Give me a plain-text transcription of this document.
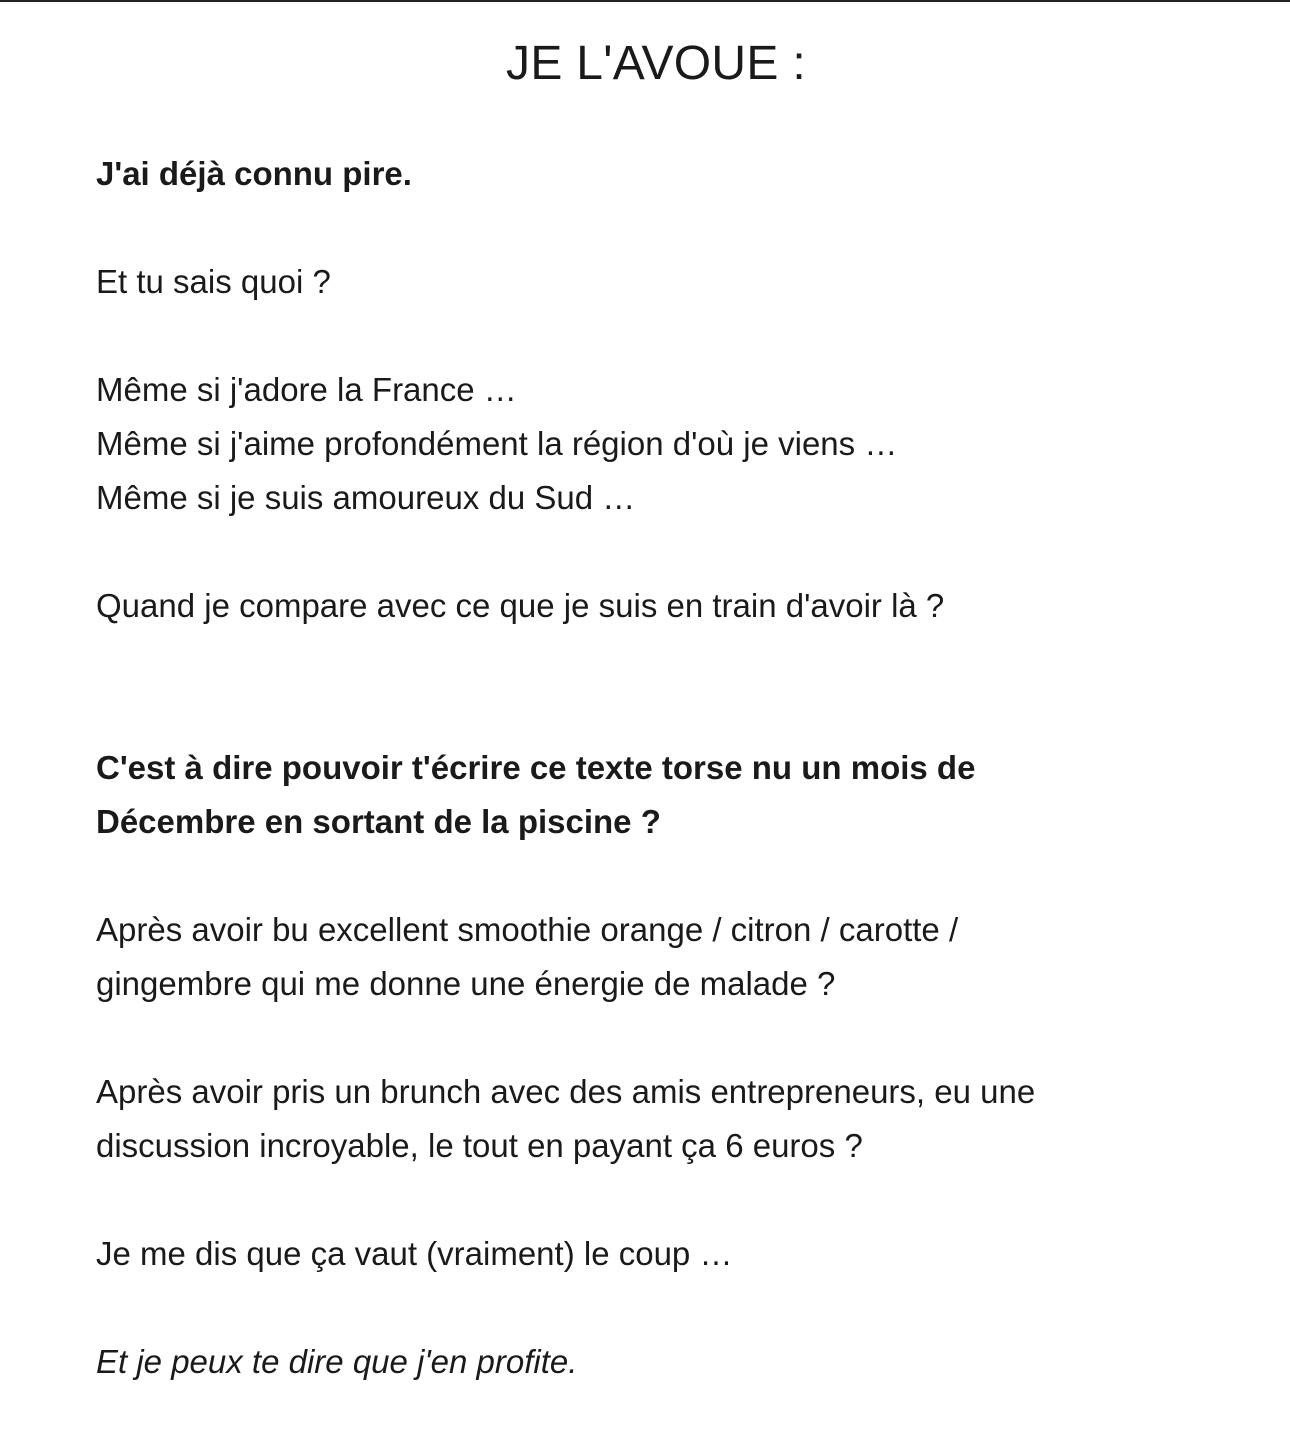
JE L'AVOUE :

J'ai déjà connu pire.

Et tu sais quoi ?

Même si j'adore la France …

Même si j'aime profondément la région d'où je viens …

Même si je suis amoureux du Sud …

Quand je compare avec ce que je suis en train d'avoir là ?

C'est à dire pouvoir t'écrire ce texte torse nu un mois de

Décembre en sortant de la piscine ?

Après avoir bu excellent smoothie orange / citron / carotte /

gingembre qui me donne une énergie de malade ?

Après avoir pris un brunch avec des amis entrepreneurs, eu une

discussion incroyable, le tout en payant ça 6 euros ?

Je me dis que ça vaut (vraiment) le coup …

Et je peux te dire que j'en profite.
